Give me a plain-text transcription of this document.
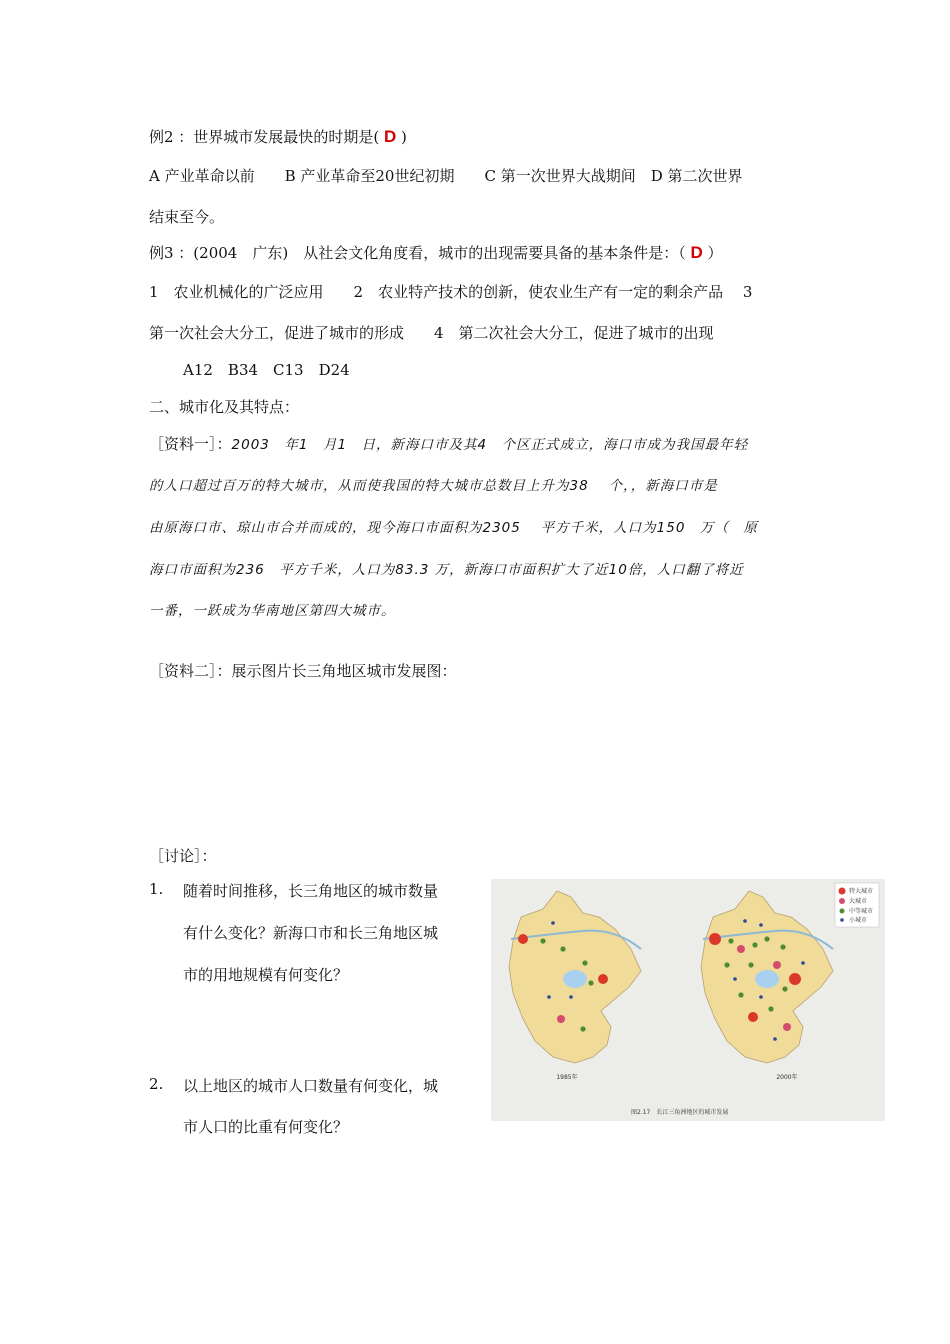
例2 ：世界城市发展最快的时期是( D )
A 产业革命以前　　B 产业革命至20世纪初期　　C 第一次世界大战期间　D 第二次世界
结束至今。
例3 ：(2004　广东)　从社会文化角度看，城市的出现需要具备的基本条件是：（ D ）
1　农业机械化的广泛应用　　2　农业特产技术的创新，使农业生产有一定的剩余产品　 3
第一次社会大分工，促进了城市的形成　　4　第二次社会大分工，促进了城市的出现
A12　B34　C13　D24
二、城市化及其特点：
［资料一］：2003　年1　月1　日，新海口市及其4　个区正式成立，海口市成为我国最年轻
的人口超过百万的特大城市，从而使我国的特大城市总数目上升为38　 个，，新海口市是
由原海口市、琼山市合并而成的，现今海口市面积为2305　 平方千米，人口为150　万（　原
海口市面积为236　平方千米，人口为83.3 万，新海口市面积扩大了近10倍，人口翻了将近
一番，一跃成为华南地区第四大城市。
［资料二］：展示图片长三角地区城市发展图：
［讨论］：
1. 随着时间推移，长三角地区的城市数量
有什么变化？新海口市和长三角地区城
市的用地规模有何变化？
2. 以上地区的城市人口数量有何变化，城
市人口的比重有何变化？
1985年	2000年
特大城市
大城市
中等城市
小城市
图2.17　长江三角洲地区的城市发展
